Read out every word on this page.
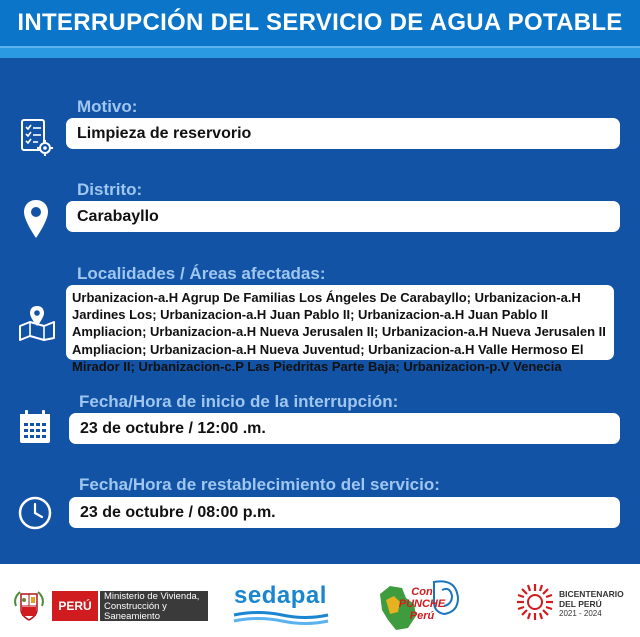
INTERRUPCIÓN DEL SERVICIO DE AGUA POTABLE
Motivo:
Limpieza de reservorio
Distrito:
Carabayllo
Localidades / Áreas afectadas:
Urbanizacion-a.H Agrup De Familias Los Ángeles De Carabayllo; Urbanizacion-a.H Jardines Los; Urbanizacion-a.H Juan Pablo II; Urbanizacion-a.H Juan Pablo II Ampliacion; Urbanizacion-a.H Nueva Jerusalen II; Urbanizacion-a.H Nueva Jerusalen II Ampliacion; Urbanizacion-a.H Nueva Juventud; Urbanizacion-a.H Valle Hermoso El Mirador II; Urbanizacion-c.P Las Piedritas Parte Baja; Urbanizacion-p.V Venecia
Fecha/Hora de inicio de la interrupción:
23 de octubre / 12:00 .m.
Fecha/Hora de restablecimiento del servicio:
23 de octubre / 08:00 p.m.
PERÚ
Ministerio de Vivienda, Construcción y Saneamiento
sedapal	Con PUNCHE Perú
BICENTENARIO
DEL PERÚ
2021 - 2024
